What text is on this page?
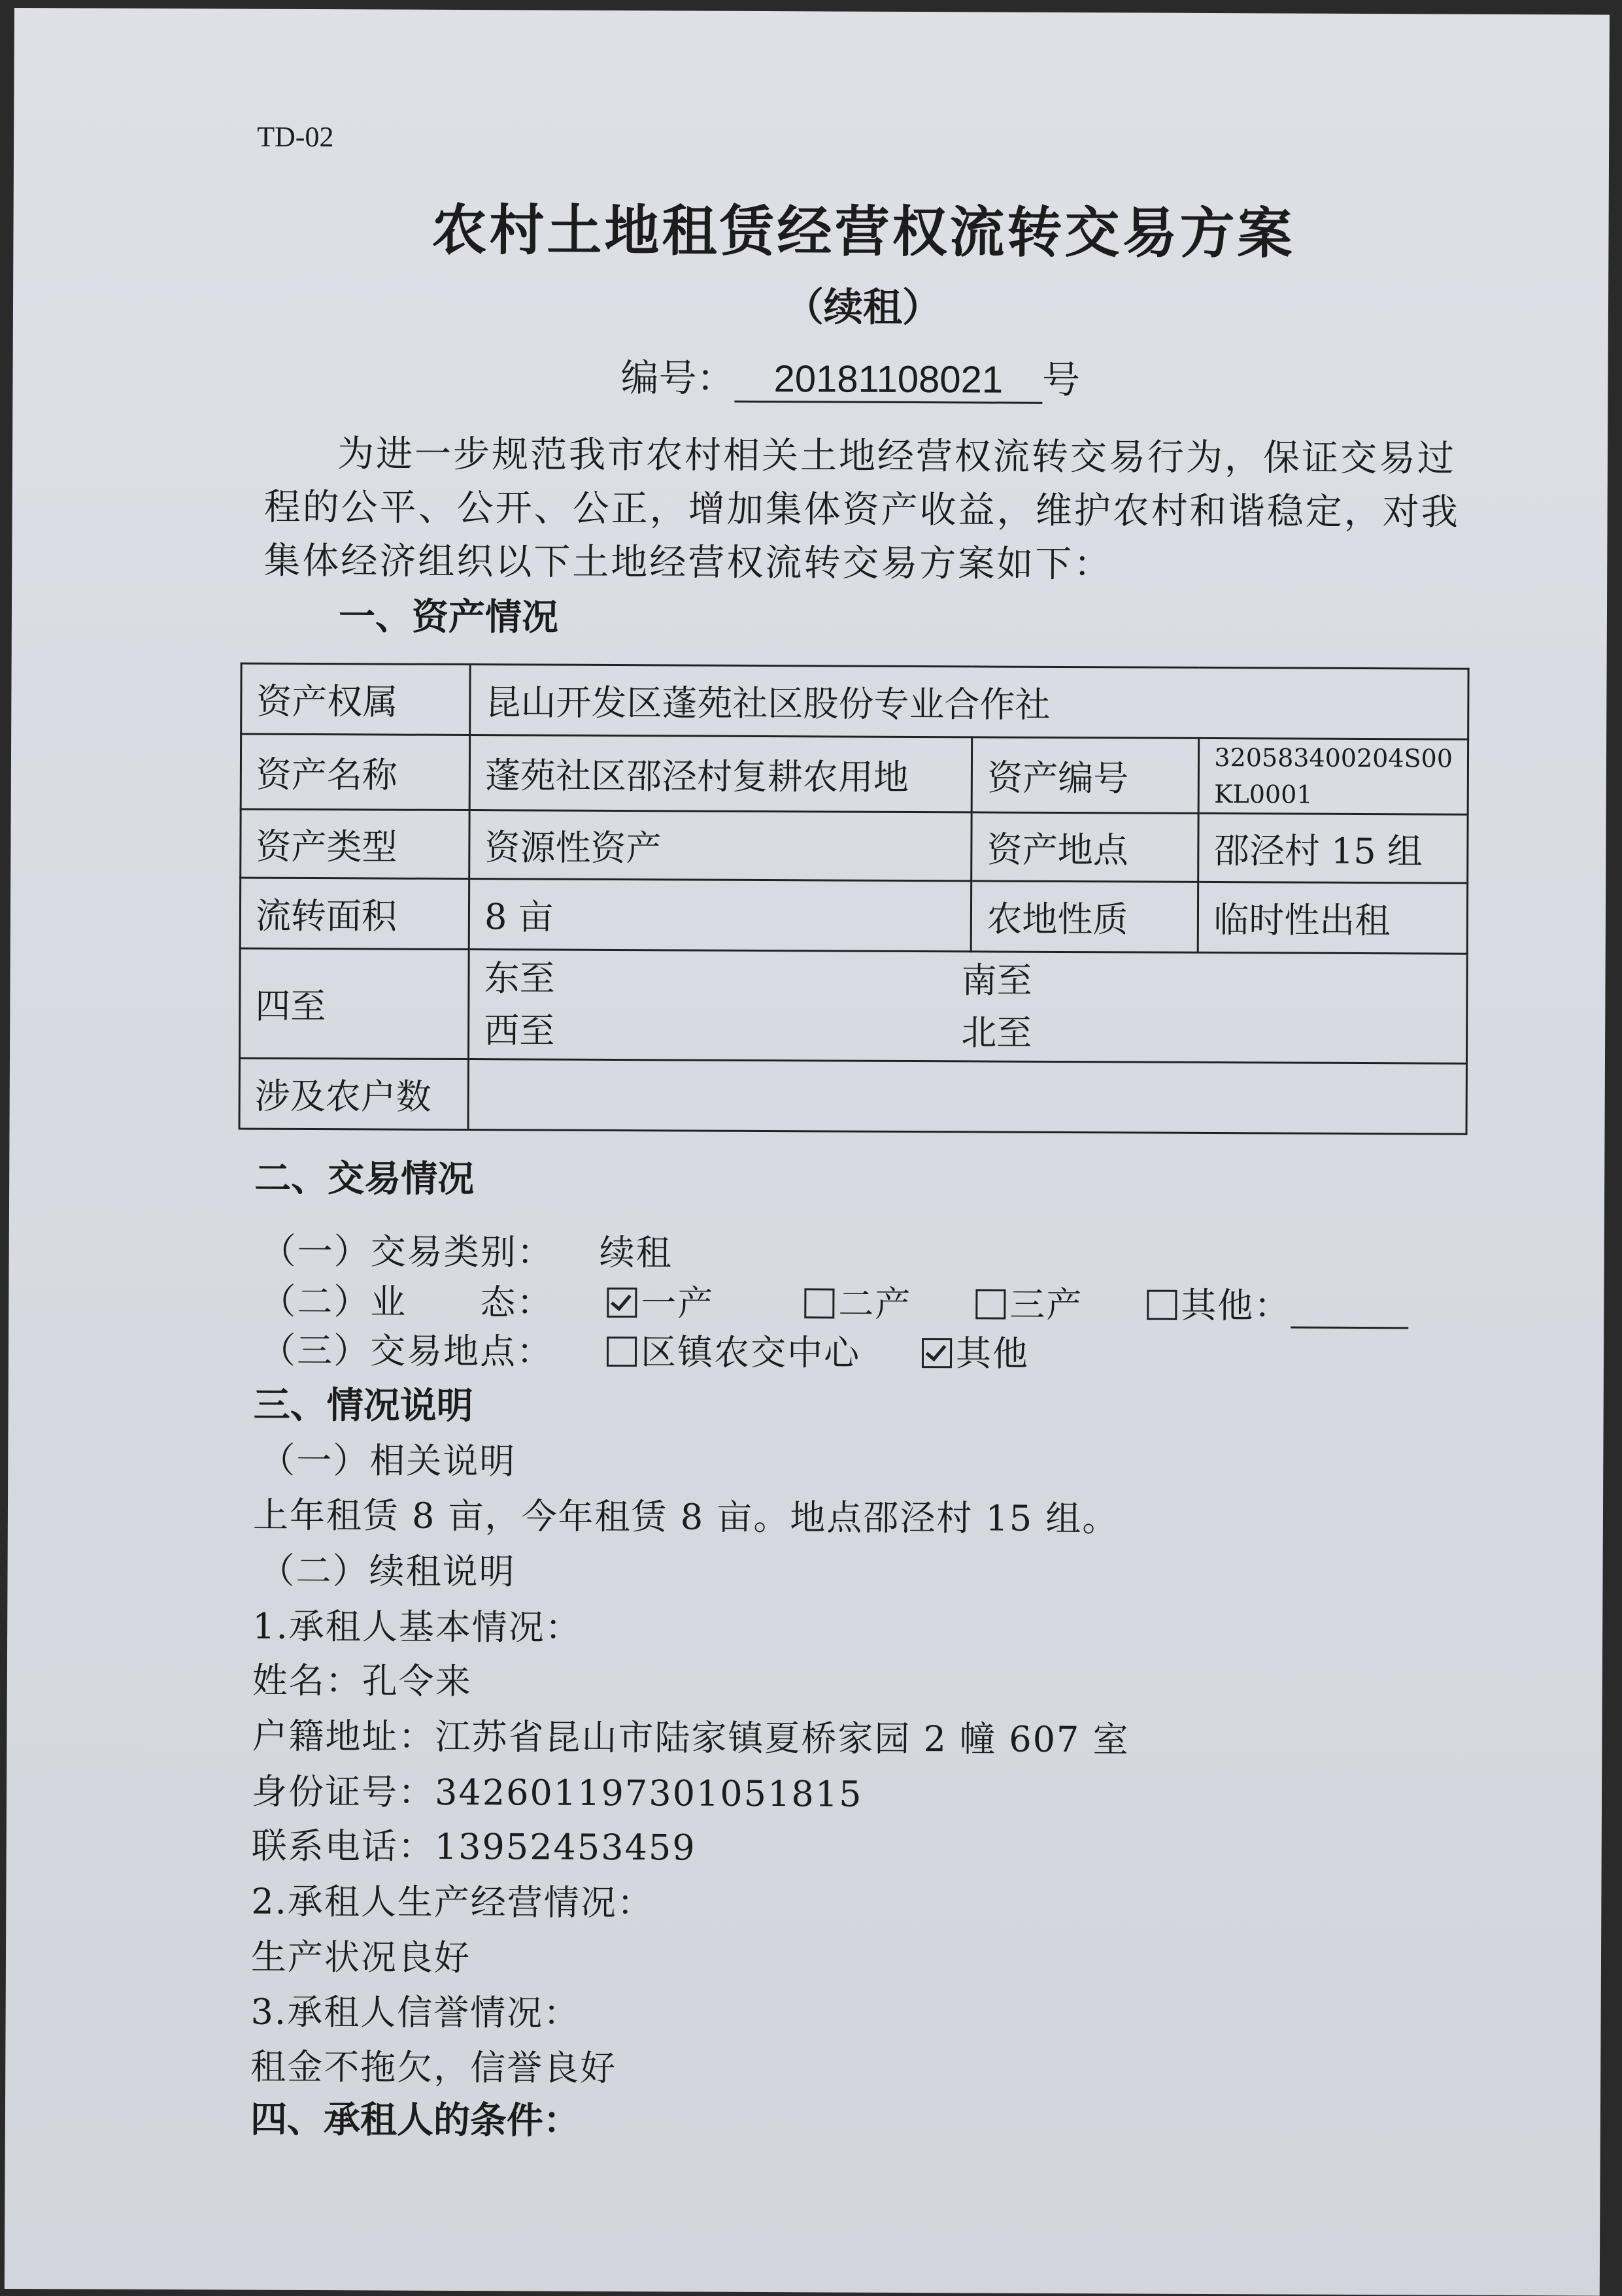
TD-02
农村土地租赁经营权流转交易方案
（续租）
编号： 20181108021 号
为进一步规范我市农村相关土地经营权流转交易行为，保证交易过程的公平、公开、公正，增加集体资产收益，维护农村和谐稳定，对我集体经济组织以下土地经营权流转交易方案如下：
一、资产情况
资产权属	昆山开发区蓬苑社区股份专业合作社		
资产名称	蓬苑社区邵泾村复耕农用地	资产编号	320583400204S00
KL0001

资产类型	资源性资产	资产地点	邵泾村 15 组
流转面积	8 亩	农地性质	临时性出租
四至	东至 南至
西至 北至		

涉及农户数			
二、交易情况
（一）交易类别： 续租
（二）业　　态： 一产	二产	三产	其他：
（三）交易地点： 区镇农交中心	其他
三、情况说明
（一）相关说明
上年租赁 8 亩，今年租赁 8 亩。地点邵泾村 15 组。
（二）续租说明
1.承租人基本情况：
姓名：孔令来
户籍地址：江苏省昆山市陆家镇夏桥家园 2 幢 607 室
身份证号：342601197301051815
联系电话：13952453459
2.承租人生产经营情况：
生产状况良好
3.承租人信誉情况：
租金不拖欠，信誉良好
四、承租人的条件：
